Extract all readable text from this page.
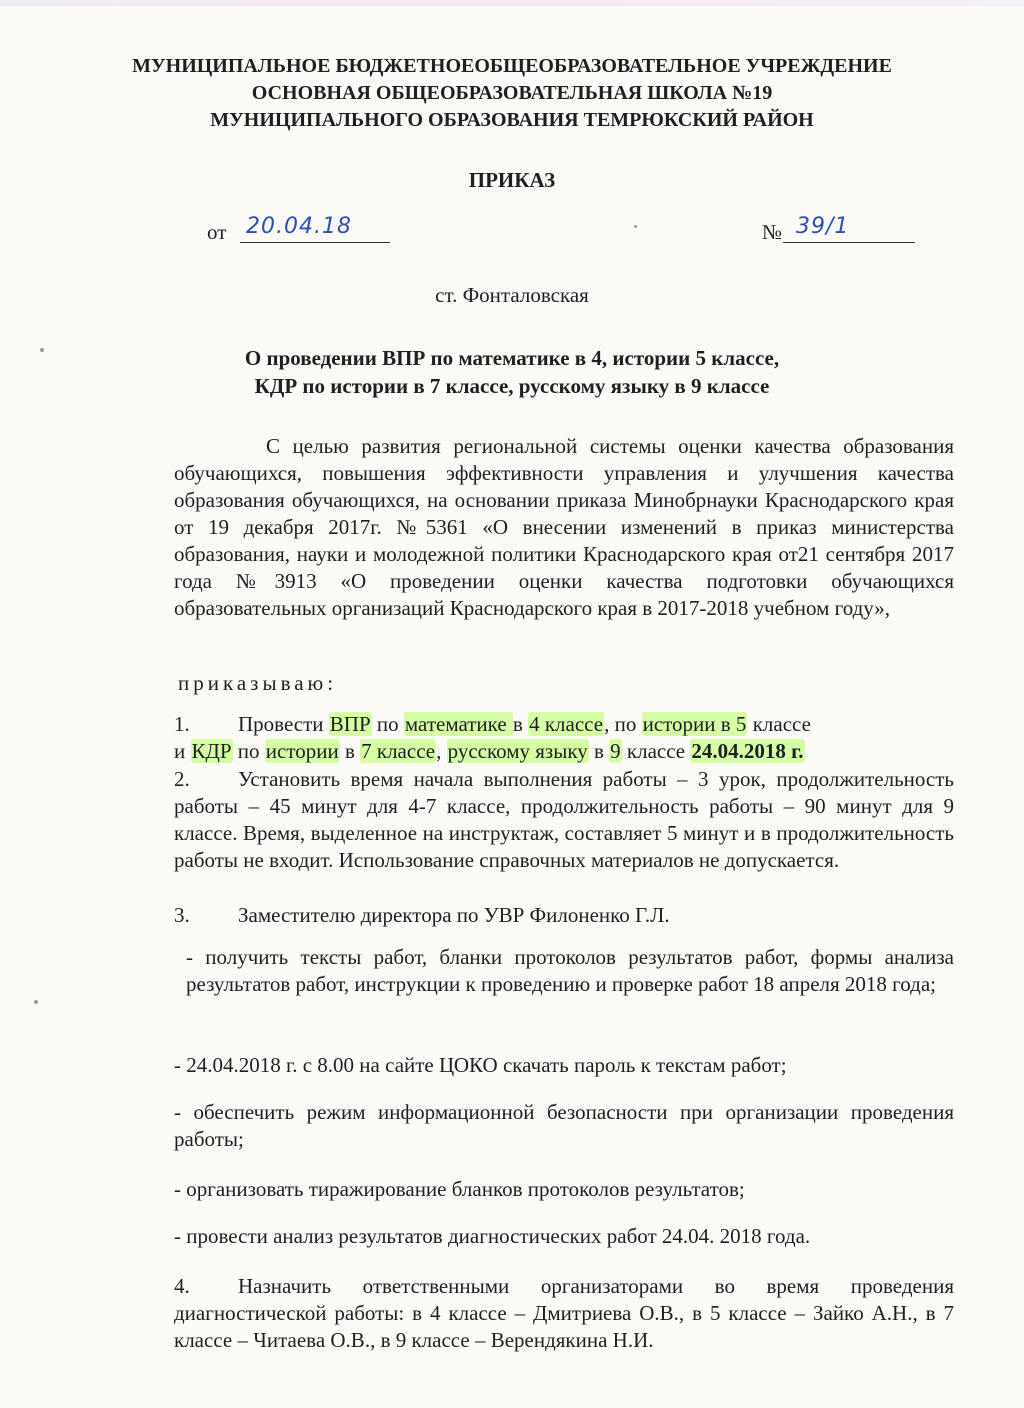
МУНИЦИПАЛЬНОЕ БЮДЖЕТНОЕОБЩЕОБРАЗОВАТЕЛЬНОЕ УЧРЕЖДЕНИЕ

ОСНОВНАЯ ОБЩЕОБРАЗОВАТЕЛЬНАЯ ШКОЛА №19

МУНИЦИПАЛЬНОГО ОБРАЗОВАНИЯ ТЕМРЮКСКИЙ РАЙОН

ПРИКАЗ

от 20.04.18	№ 39/1

ст. Фонталовская

О проведении ВПР по математике в 4, истории 5 классе,

КДР по истории в 7 классе, русскому языку в 9 классе

С целью развития региональной системы оценки качества образования обучающихся, повышения эффективности управления и улучшения качества образования обучающихся, на основании приказа Минобрнауки Краснодарского края от 19 декабря 2017г. №5361 «О внесении изменений в приказ министерства образования, науки и молодежной политики Краснодарского края от21 сентября 2017 года №3913 «О проведении оценки качества подготовки обучающихся образовательных организаций Краснодарского края в 2017-2018 учебном году»,

приказываю:

1. Провести ВПР по математике в 4 классе, по истории в 5 классе
и КДР по истории в 7 классе, русскому языку в 9 классе 24.04.2018 г.

2. Установить время начала выполнения работы – 3 урок, продолжительность работы – 45 минут для 4-7 классе, продолжительность работы – 90 минут для 9 классе. Время, выделенное на инструктаж, составляет 5 минут и в продолжительность работы не входит. Использование справочных материалов не допускается.

3. Заместителю директора по УВР Филоненко Г.Л.

- получить тексты работ, бланки протоколов результатов работ, формы анализа результатов работ, инструкции к проведению и проверке работ 18 апреля 2018 года;

- 24.04.2018 г. с 8.00 на сайте ЦОКО скачать пароль к текстам работ;

- обеспечить режим информационной безопасности при организации проведения работы;

- организовать тиражирование бланков протоколов результатов;

- провести анализ результатов диагностических работ 24.04. 2018 года.

4. Назначить ответственными организаторами во время проведения диагностической работы: в 4 классе – Дмитриева О.В., в 5 классе – Зайко А.Н., в 7 классе – Читаева О.В., в 9 классе – Верендякина Н.И.
